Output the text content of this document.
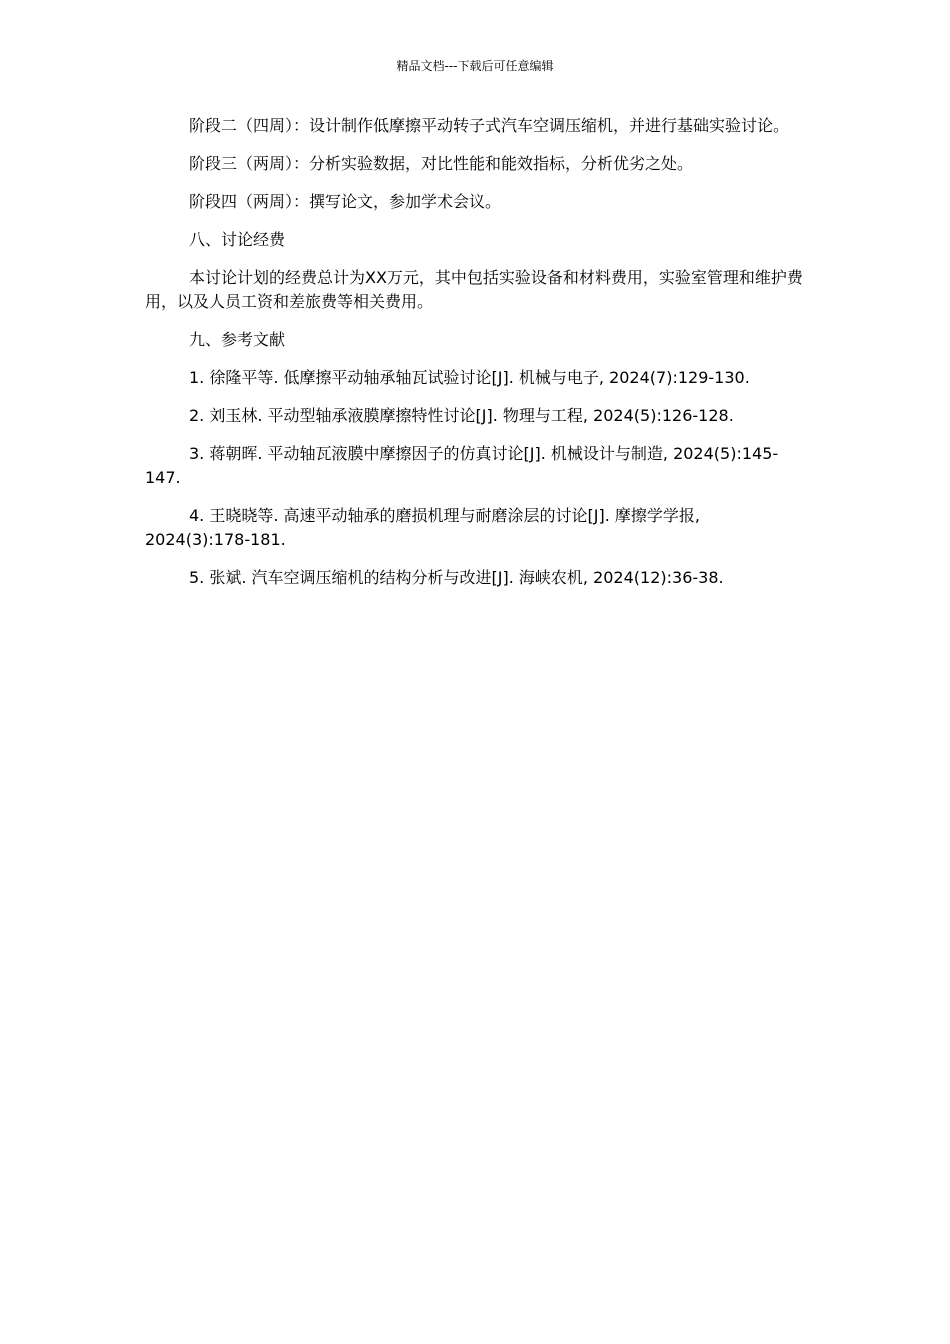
精品文档---下载后可任意编辑

阶段二（四周）：设计制作低摩擦平动转子式汽车空调压缩机，并进行基础实验讨论。

阶段三（两周）：分析实验数据，对比性能和能效指标，分析优劣之处。

阶段四（两周）：撰写论文，参加学术会议。

八、讨论经费

本讨论计划的经费总计为XX万元，其中包括实验设备和材料费用，实验室管理和维护费用，以及人员工资和差旅费等相关费用。

九、参考文献

1. 徐隆平等. 低摩擦平动轴承轴瓦试验讨论[J]. 机械与电子, 2024(7):129-130.

2. 刘玉林. 平动型轴承液膜摩擦特性讨论[J]. 物理与工程, 2024(5):126-128.

3. 蒋朝晖. 平动轴瓦液膜中摩擦因子的仿真讨论[J]. 机械设计与制造, 2024(5):145-147.

4. 王晓晓等. 高速平动轴承的磨损机理与耐磨涂层的讨论[J]. 摩擦学学报, 2024(3):178-181.

5. 张斌. 汽车空调压缩机的结构分析与改进[J]. 海峡农机, 2024(12):36-38.
